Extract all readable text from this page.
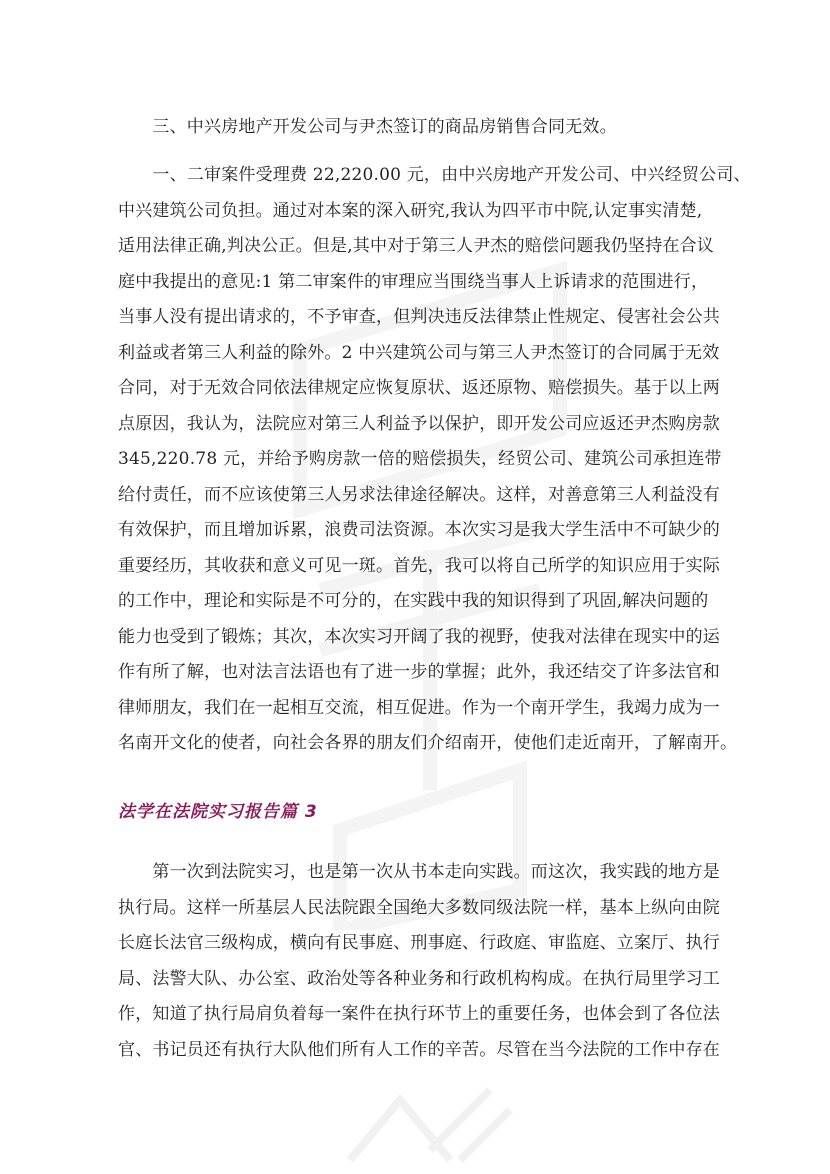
　　三、中兴房地产开发公司与尹杰签订的商品房销售合同无效。
　　一、二审案件受理费 22,220.00 元，由中兴房地产开发公司、中兴经贸公司、
中兴建筑公司负担。通过对本案的深入研究,我认为四平市中院,认定事实清楚,
适用法律正确,判决公正。但是,其中对于第三人尹杰的赔偿问题我仍坚持在合议
庭中我提出的意见:1 第二审案件的审理应当围绕当事人上诉请求的范围进行，
当事人没有提出请求的，不予审查，但判决违反法律禁止性规定、侵害社会公共
利益或者第三人利益的除外。2 中兴建筑公司与第三人尹杰签订的合同属于无效
合同，对于无效合同依法律规定应恢复原状、返还原物、赔偿损失。基于以上两
点原因，我认为，法院应对第三人利益予以保护，即开发公司应返还尹杰购房款
345,220.78 元，并给予购房款一倍的赔偿损失，经贸公司、建筑公司承担连带
给付责任，而不应该使第三人另求法律途径解决。这样，对善意第三人利益没有
有效保护，而且增加诉累，浪费司法资源。本次实习是我大学生活中不可缺少的
重要经历，其收获和意义可见一斑。首先，我可以将自己所学的知识应用于实际
的工作中，理论和实际是不可分的，在实践中我的知识得到了巩固,解决问题的
能力也受到了锻炼；其次，本次实习开阔了我的视野，使我对法律在现实中的运
作有所了解，也对法言法语也有了进一步的掌握；此外，我还结交了许多法官和
律师朋友，我们在一起相互交流，相互促进。作为一个南开学生，我竭力成为一
名南开文化的使者，向社会各界的朋友们介绍南开，使他们走近南开，了解南开。
法学在法院实习报告篇 3
　　第一次到法院实习，也是第一次从书本走向实践。而这次，我实践的地方是
执行局。这样一所基层人民法院跟全国绝大多数同级法院一样，基本上纵向由院
长庭长法官三级构成，横向有民事庭、刑事庭、行政庭、审监庭、立案厅、执行
局、法警大队、办公室、政治处等各种业务和行政机构构成。在执行局里学习工
作，知道了执行局肩负着每一案件在执行环节上的重要任务，也体会到了各位法
官、书记员还有执行大队他们所有人工作的辛苦。尽管在当今法院的工作中存在
